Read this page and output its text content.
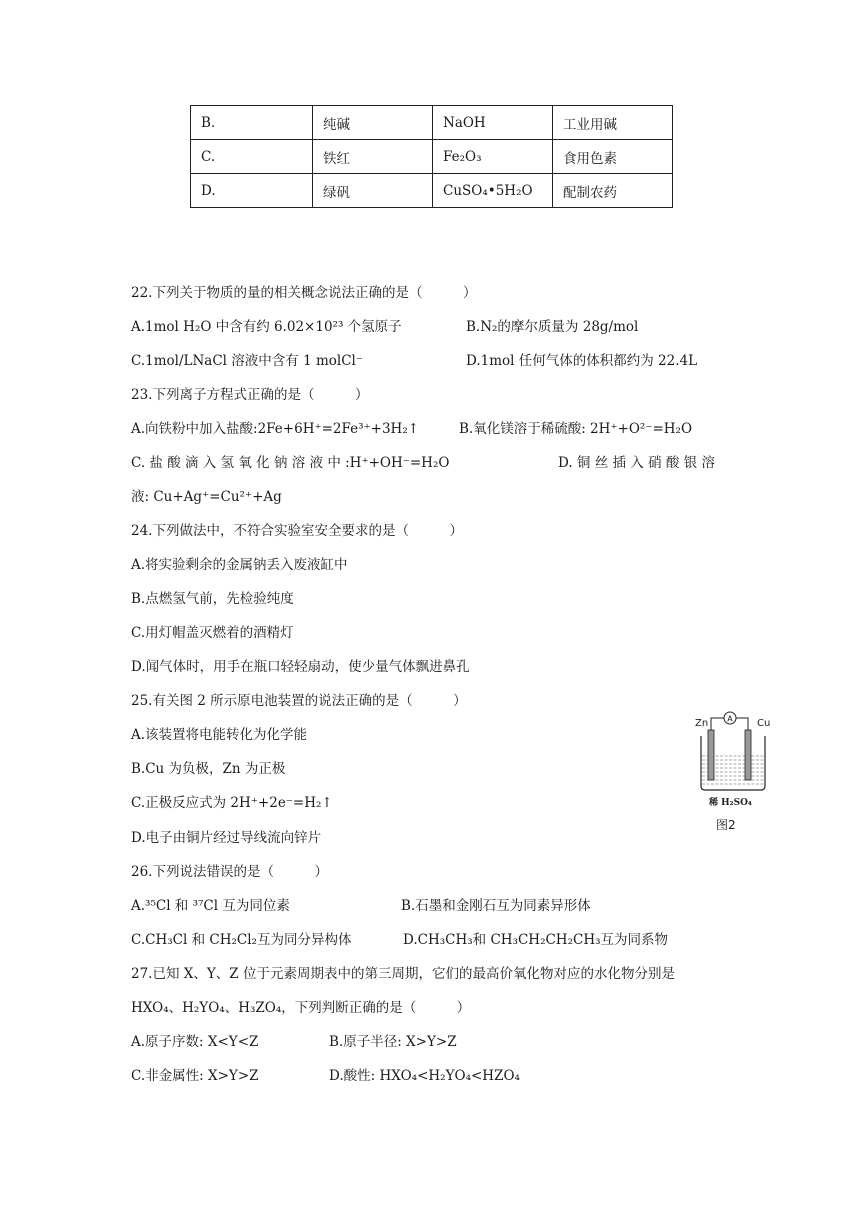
B.	纯碱	NaOH	工业用碱
C.	铁红	Fe₂O₃	食用色素
D.	绿矾	CuSO₄•5H₂O	配制农药
22.下列关于物质的量的相关概念说法正确的是（　　　）
A.1mol H₂O 中含有约 6.02×10²³ 个氢原子	B.N₂的摩尔质量为 28g/mol
C.1mol/LNaCl 溶液中含有 1 molCl⁻	D.1mol 任何气体的体积都约为 22.4L
23.下列离子方程式正确的是（　　　）
A.向铁粉中加入盐酸:2Fe+6H⁺=2Fe³⁺+3H₂↑	B.氧化镁溶于稀硫酸: 2H⁺+O²⁻=H₂O
C. 盐 酸 滴 入 氢 氧 化 钠 溶 液 中 :H⁺+OH⁻=H₂O	D. 铜 丝 插 入 硝 酸 银 溶
液: Cu+Ag⁺=Cu²⁺+Ag
24.下列做法中，不符合实验室安全要求的是（　　　）
A.将实验剩余的金属钠丢入废液缸中
B.点燃氢气前，先检验纯度
C.用灯帽盖灭燃着的酒精灯
D.闻气体时，用手在瓶口轻轻扇动，使少量气体飘进鼻孔
25.有关图 2 所示原电池装置的说法正确的是（　　　）
A.该装置将电能转化为化学能
B.Cu 为负极，Zn 为正极
C.正极反应式为 2H⁺+2e⁻=H₂↑
D.电子由铜片经过导线流向锌片
Zn	Cu
A
稀 H₂SO₄
图2
26.下列说法错误的是（　　　）
A.³⁵Cl 和 ³⁷Cl 互为同位素	B.石墨和金刚石互为同素异形体
C.CH₃Cl 和 CH₂Cl₂互为同分异构体	D.CH₃CH₃和 CH₃CH₂CH₂CH₃互为同系物
27.已知 X、Y、Z 位于元素周期表中的第三周期，它们的最高价氧化物对应的水化物分别是
HXO₄、H₂YO₄、H₃ZO₄，下列判断正确的是（　　　）
A.原子序数: X<Y<Z	B.原子半径: X>Y>Z
C.非金属性: X>Y>Z	D.酸性: HXO₄<H₂YO₄<HZO₄
